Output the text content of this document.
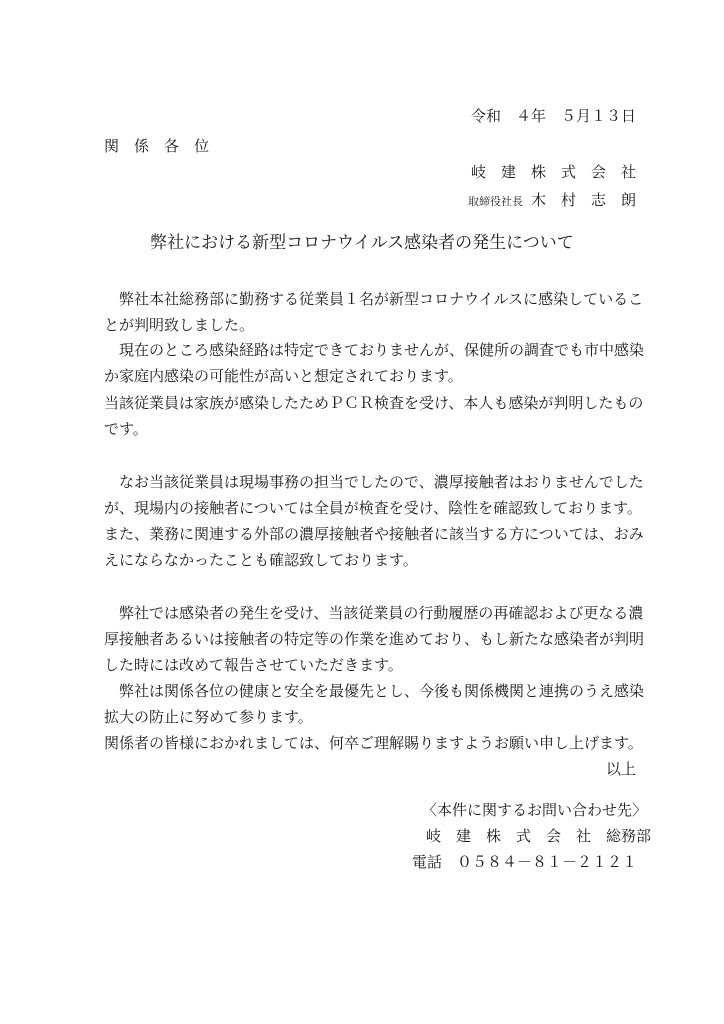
令和　４年　５月１３日
関　係　各　位
岐　建　株　式　会　社
取締役社長 木　村　志　朗
弊社における新型コロナウイルス感染者の発生について
　弊社本社総務部に勤務する従業員１名が新型コロナウイルスに感染しているこ
とが判明致しました。
　現在のところ感染経路は特定できておりませんが、保健所の調査でも市中感染
か家庭内感染の可能性が高いと想定されております。
当該従業員は家族が感染したためＰＣＲ検査を受け、本人も感染が判明したもの
です。
　なお当該従業員は現場事務の担当でしたので、濃厚接触者はおりませんでした
が、現場内の接触者については全員が検査を受け、陰性を確認致しております。
また、業務に関連する外部の濃厚接触者や接触者に該当する方については、おみ
えにならなかったことも確認致しております。
　弊社では感染者の発生を受け、当該従業員の行動履歴の再確認および更なる濃
厚接触者あるいは接触者の特定等の作業を進めており、もし新たな感染者が判明
した時には改めて報告させていただきます。
　弊社は関係各位の健康と安全を最優先とし、今後も関係機関と連携のうえ感染
拡大の防止に努めて参ります。
関係者の皆様におかれましては、何卒ご理解賜りますようお願い申し上げます。
以上
〈本件に関するお問い合わせ先〉
岐　建　株　式　会　社　総務部
電話　０５８４－８１－２１２１
